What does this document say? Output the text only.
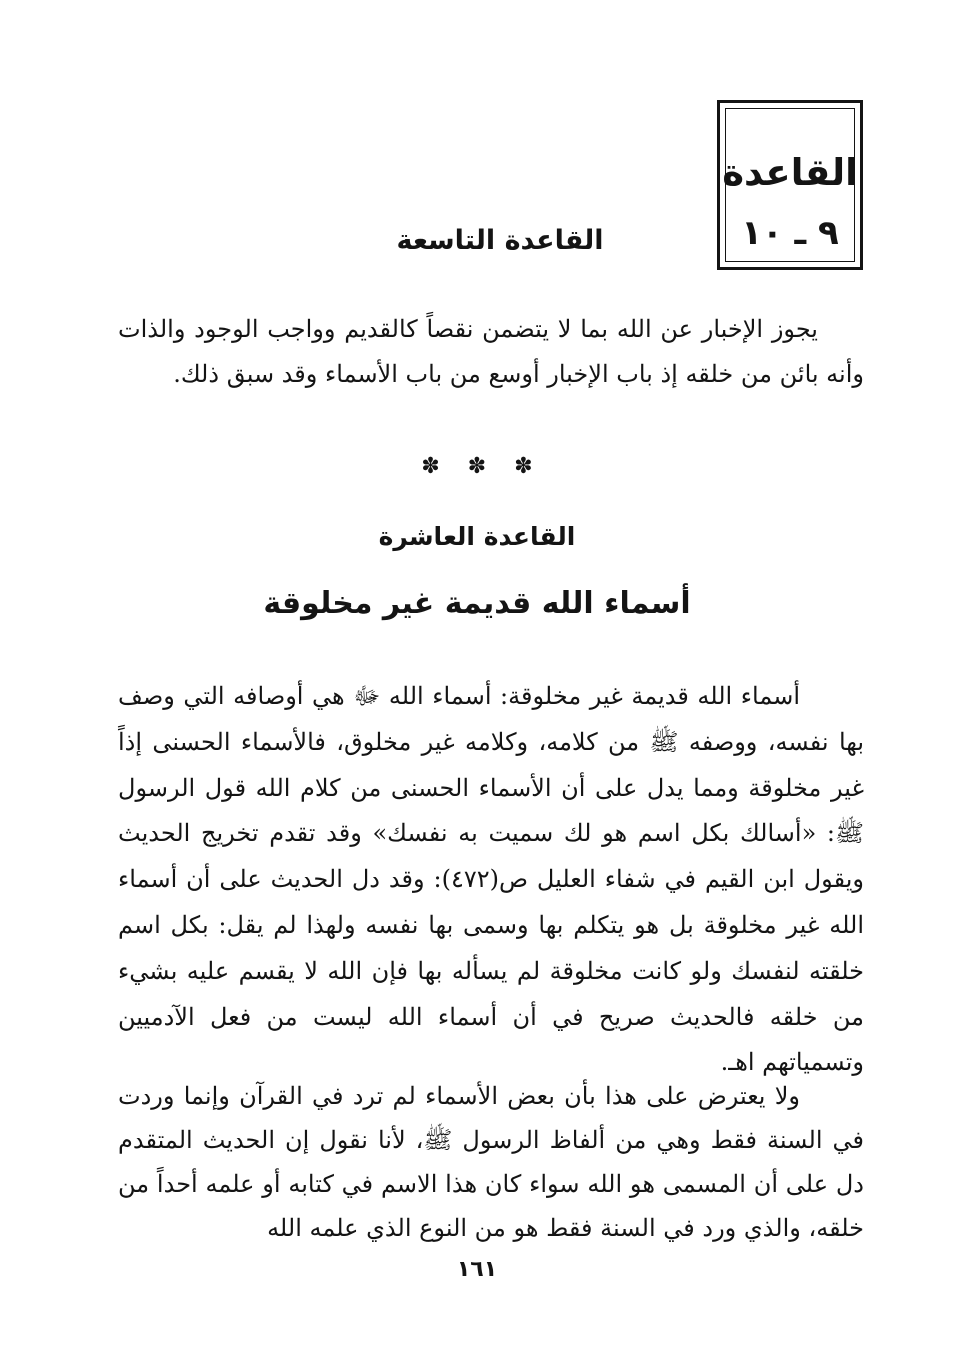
القاعدة
٩ ـ ١٠
القاعدة التاسعة
يجوز الإخبار عن الله بما لا يتضمن نقصاً كالقديم وواجب الوجود والذات وأنه بائن من خلقه إذ باب الإخبار أوسع من باب الأسماء وقد سبق ذلك.
✽✽✽
القاعدة العاشرة
أسماء الله قديمة غير مخلوقة
أسماء الله قديمة غير مخلوقة: أسماء الله ﷻ هي أوصافه التي وصف بها نفسه، ووصفه ﷺ من كلامه، وكلامه غير مخلوق، فالأسماء الحسنى إذاً غير مخلوقة ومما يدل على أن الأسماء الحسنى من كلام الله قول الرسول ﷺ: «أسالك بكل اسم هو لك سميت به نفسك» وقد تقدم تخريج الحديث ويقول ابن القيم في شفاء العليل ص(٤٧٢): وقد دل الحديث على أن أسماء الله غير مخلوقة بل هو يتكلم بها وسمى بها نفسه ولهذا لم يقل: بكل اسم خلقته لنفسك ولو كانت مخلوقة لم يسأله بها فإن الله لا يقسم عليه بشيء من خلقه فالحديث صريح في أن أسماء الله ليست من فعل الآدميين وتسمياتهم اهـ.
ولا يعترض على هذا بأن بعض الأسماء لم ترد في القرآن وإنما وردت في السنة فقط وهي من ألفاظ الرسول ﷺ، لأنا نقول إن الحديث المتقدم دل على أن المسمى هو الله سواء كان هذا الاسم في كتابه أو علمه أحداً من خلقه، والذي ورد في السنة فقط هو من النوع الذي علمه الله
١٦١
